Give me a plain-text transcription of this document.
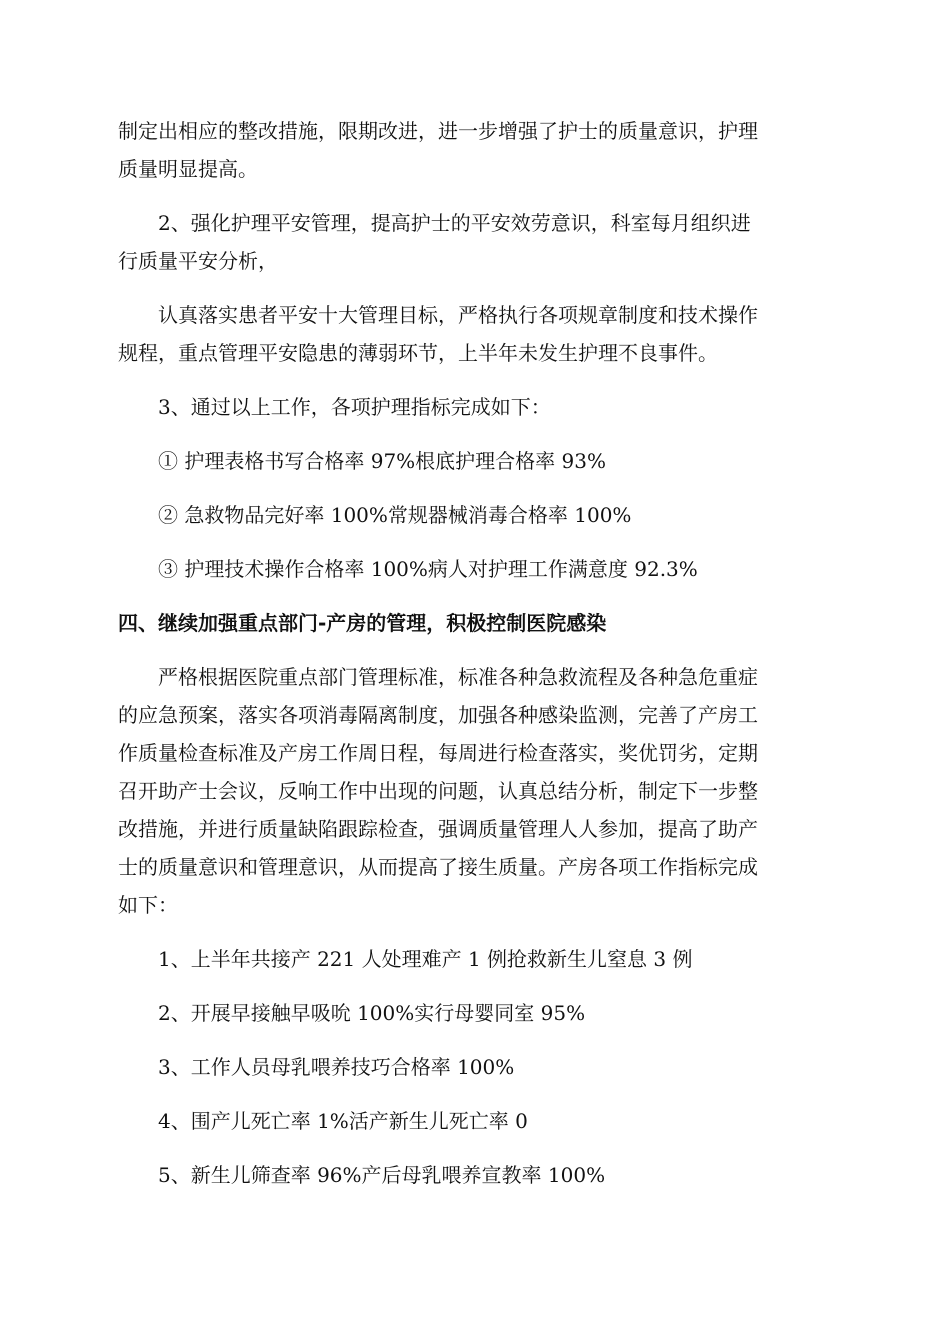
制定出相应的整改措施，限期改进，进一步增强了护士的质量意识，护理

质量明显提高。

2、强化护理平安管理，提高护士的平安效劳意识，科室每月组织进

行质量平安分析，

认真落实患者平安十大管理目标，严格执行各项规章制度和技术操作

规程，重点管理平安隐患的薄弱环节，上半年未发生护理不良事件。

3、通过以上工作，各项护理指标完成如下：

① 护理表格书写合格率 97%根底护理合格率 93%

② 急救物品完好率 100%常规器械消毒合格率 100%

③ 护理技术操作合格率 100%病人对护理工作满意度 92.3%

四、继续加强重点部门-产房的管理，积极控制医院感染

严格根据医院重点部门管理标准，标准各种急救流程及各种急危重症

的应急预案，落实各项消毒隔离制度，加强各种感染监测，完善了产房工

作质量检查标准及产房工作周日程，每周进行检查落实，奖优罚劣，定期

召开助产士会议，反响工作中出现的问题，认真总结分析，制定下一步整

改措施，并进行质量缺陷跟踪检查，强调质量管理人人参加，提高了助产

士的质量意识和管理意识，从而提高了接生质量。产房各项工作指标完成

如下：

1、上半年共接产 221 人处理难产 1 例抢救新生儿窒息 3 例

2、开展早接触早吸吮 100%实行母婴同室 95%

3、工作人员母乳喂养技巧合格率 100%

4、围产儿死亡率 1%活产新生儿死亡率 0

5、新生儿筛查率 96%产后母乳喂养宣教率 100%
